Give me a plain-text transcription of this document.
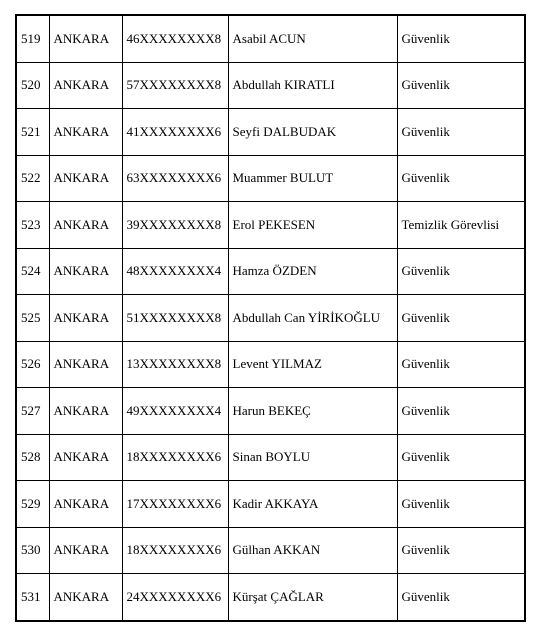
519	ANKARA	46XXXXXXXX8	Asabil ACUN	Güvenlik
520	ANKARA	57XXXXXXXX8	Abdullah KIRATLI	Güvenlik
521	ANKARA	41XXXXXXXX6	Seyfi DALBUDAK	Güvenlik
522	ANKARA	63XXXXXXXX6	Muammer BULUT	Güvenlik
523	ANKARA	39XXXXXXXX8	Erol PEKESEN	Temizlik Görevlisi
524	ANKARA	48XXXXXXXX4	Hamza ÖZDEN	Güvenlik
525	ANKARA	51XXXXXXXX8	Abdullah Can YİRİKOĞLU	Güvenlik
526	ANKARA	13XXXXXXXX8	Levent YILMAZ	Güvenlik
527	ANKARA	49XXXXXXXX4	Harun BEKEÇ	Güvenlik
528	ANKARA	18XXXXXXXX6	Sinan BOYLU	Güvenlik
529	ANKARA	17XXXXXXXX6	Kadir AKKAYA	Güvenlik
530	ANKARA	18XXXXXXXX6	Gülhan AKKAN	Güvenlik
531	ANKARA	24XXXXXXXX6	Kürşat ÇAĞLAR	Güvenlik
